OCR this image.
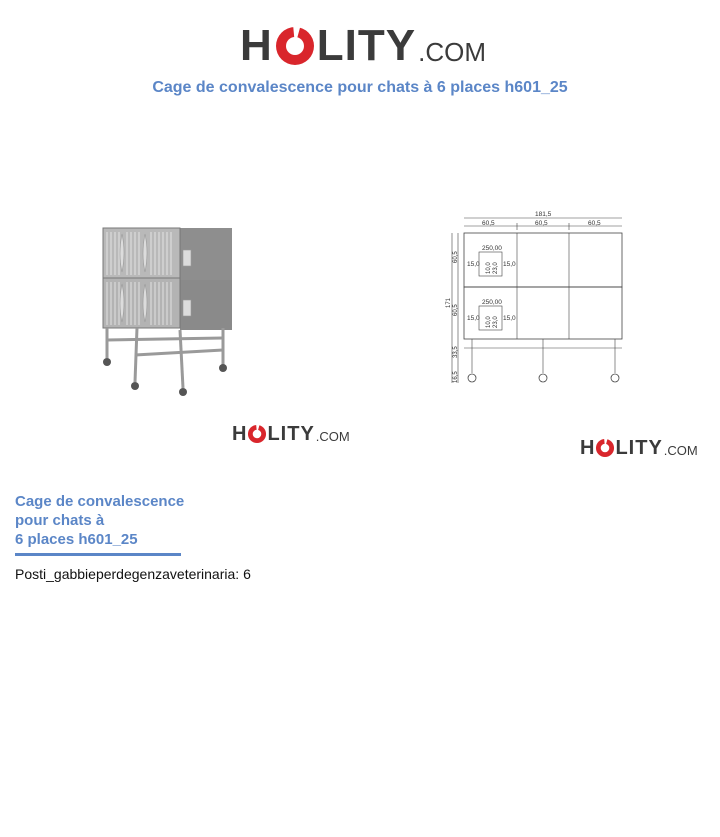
H LITY .COM
Cage de convalescence pour chats à 6 places h601_25
181,5
60,5	60,5	60,5
250,00
250,00
15,0	15,0
15,0	15,0
60,5
60,5
171
33,5
16,5
10,0 23,0
10,0 23,0
H LITY .COM
H LITY .COM
Cage de convalescence
pour chats à
6 places h601_25
Posti_gabbieperdegenzaveterinaria: 6
